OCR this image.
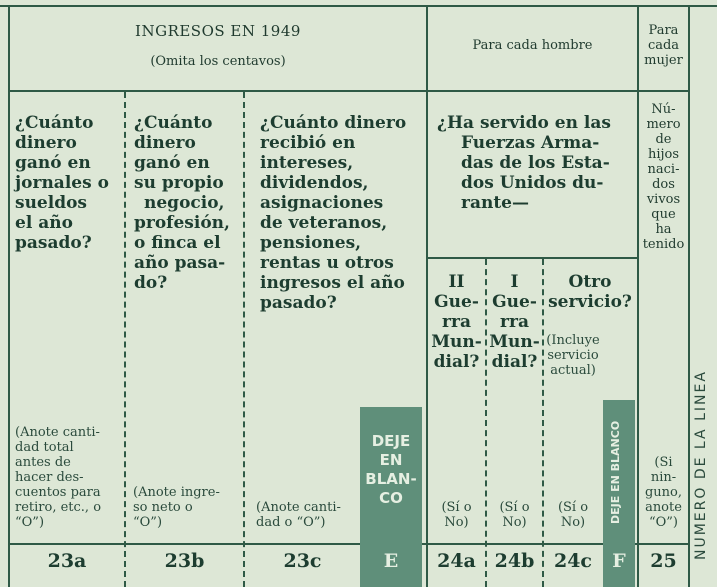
INGRESOS EN 1949
(Omita los centavos)
Para cada hombre
Para
cada
mujer
¿Cuánto
dinero
ganó en
jornales o
sueldos
el año
pasado?
(Anote canti-
dad total
antes de
hacer des-
cuentos para
retiro, etc., o
“O”)
23a
¿Cuánto
dinero
ganó en
su propio
negocio,
profesión,
o finca el
año pasa-
do?
(Anote ingre-
so neto o
“O”)
23b
¿Cuánto dinero
recibió en
intereses,
dividendos,
asignaciones
de veteranos,
pensiones,
rentas u otros
ingresos el año
pasado?
(Anote canti-
dad o “O”)
23c
DEJE
EN
BLAN-
CO
E
¿Ha servido en las
Fuerzas Arma-
das de los Esta-
dos Unidos du-
rante—
II
Gue-
rra
Mun-
dial?
(Sí o
No)
24a
I
Gue-
rra
Mun-
dial?
(Sí o
No)
24b
Otro
servicio?
(Incluye
servicio
actual)
(Sí o
No)
24c
DEJE EN BLANCO
F
Nú-
mero
de
hijos
naci-
dos
vivos
que
ha
tenido
(Si
nin-
guno,
anote
“O”)
25
NUMERO DE LA LINEA
